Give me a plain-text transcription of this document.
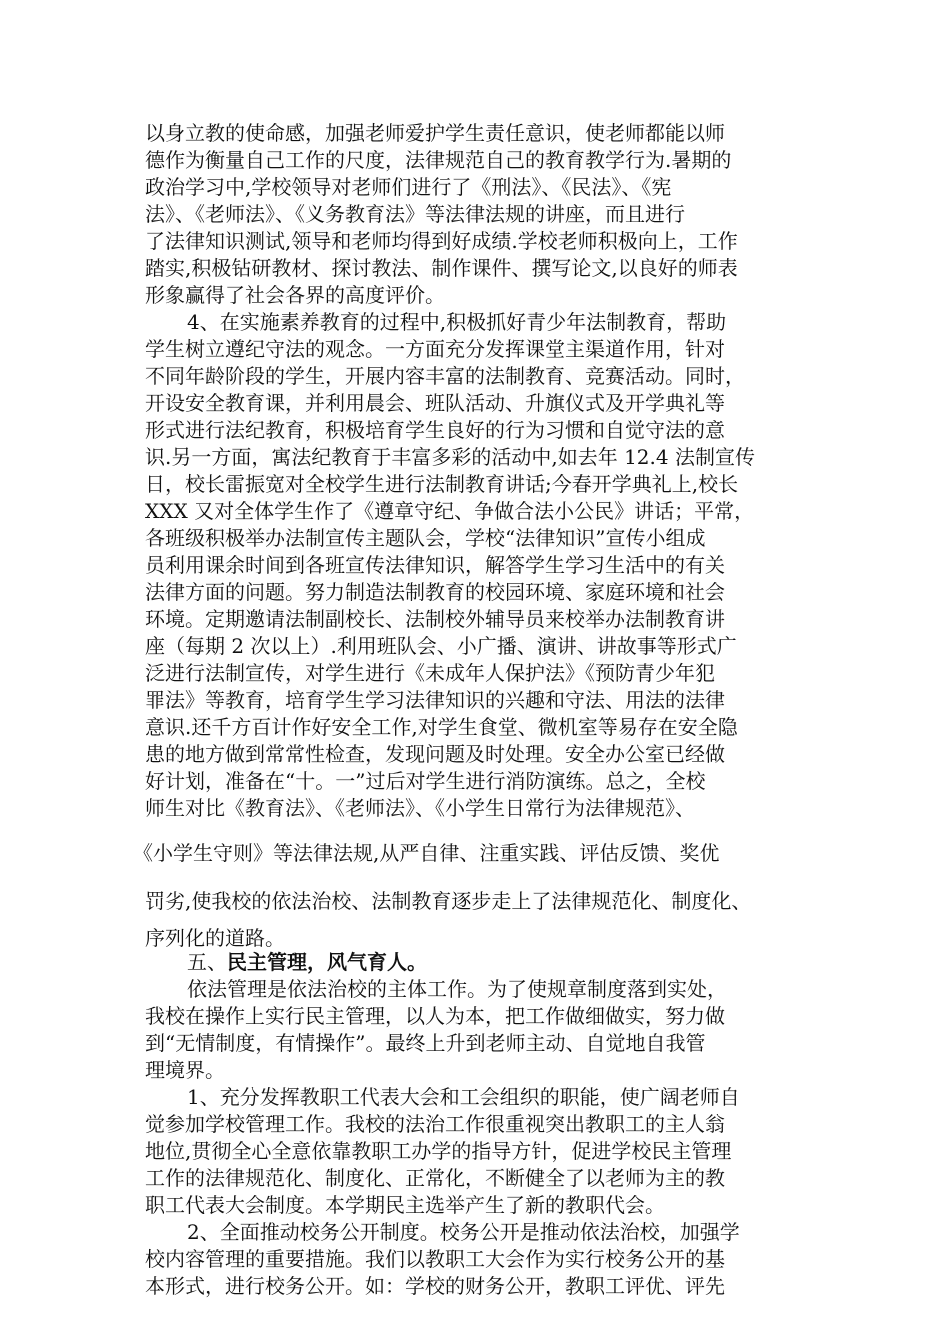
以身立教的使命感，加强老师爱护学生责任意识，使老师都能以师

德作为衡量自己工作的尺度，法律规范自己的教育教学行为.暑期的

政治学习中,学校领导对老师们进行了《刑法》、《民法》、《宪

法》、《老师法》、《义务教育法》等法律法规的讲座，而且进行

了法律知识测试,领导和老师均得到好成绩.学校老师积极向上，工作

踏实,积极钻研教材、探讨教法、制作课件、撰写论文,以良好的师表

形象赢得了社会各界的高度评价。

4、在实施素养教育的过程中,积极抓好青少年法制教育，帮助

学生树立遵纪守法的观念。一方面充分发挥课堂主渠道作用，针对

不同年龄阶段的学生，开展内容丰富的法制教育、竞赛活动。同时，

开设安全教育课，并利用晨会、班队活动、升旗仪式及开学典礼等

形式进行法纪教育，积极培育学生良好的行为习惯和自觉守法的意

识.另一方面，寓法纪教育于丰富多彩的活动中,如去年 12.4 法制宣传

日，校长雷振宽对全校学生进行法制教育讲话;今春开学典礼上,校长

XXX 又对全体学生作了《遵章守纪、争做合法小公民》讲话；平常，

各班级积极举办法制宣传主题队会，学校“法律知识”宣传小组成

员利用课余时间到各班宣传法律知识，解答学生学习生活中的有关

法律方面的问题。努力制造法制教育的校园环境、家庭环境和社会

环境。定期邀请法制副校长、法制校外辅导员来校举办法制教育讲

座（每期 2 次以上）.利用班队会、小广播、演讲、讲故事等形式广

泛进行法制宣传，对学生进行《未成年人保护法》《预防青少年犯

罪法》等教育，培育学生学习法律知识的兴趣和守法、用法的法律

意识.还千方百计作好安全工作,对学生食堂、微机室等易存在安全隐

患的地方做到常常性检查，发现问题及时处理。安全办公室已经做

好计划，准备在“十。一”过后对学生进行消防演练。总之，全校

师生对比《教育法》、《老师法》、《小学生日常行为法律规范》、

《小学生守则》等法律法规,从严自律、注重实践、评估反馈、奖优

罚劣,使我校的依法治校、法制教育逐步走上了法律规范化、制度化、

序列化的道路。

五、民主管理，风气育人。

依法管理是依法治校的主体工作。为了使规章制度落到实处，

我校在操作上实行民主管理，以人为本，把工作做细做实，努力做

到“无情制度，有情操作”。最终上升到老师主动、自觉地自我管

理境界。

1、充分发挥教职工代表大会和工会组织的职能，使广阔老师自

觉参加学校管理工作。我校的法治工作很重视突出教职工的主人翁

地位,贯彻全心全意依靠教职工办学的指导方针，促进学校民主管理

工作的法律规范化、制度化、正常化，不断健全了以老师为主的教

职工代表大会制度。本学期民主选举产生了新的教职代会。

2、全面推动校务公开制度。校务公开是推动依法治校，加强学

校内容管理的重要措施。我们以教职工大会作为实行校务公开的基

本形式，进行校务公开。如：学校的财务公开，教职工评优、评先
